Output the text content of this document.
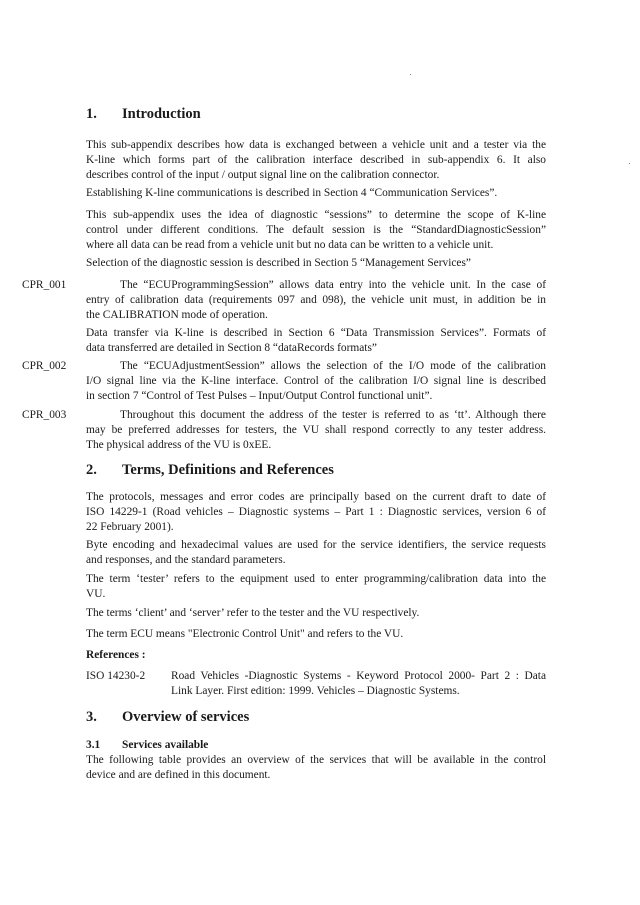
1. Introduction
This sub-appendix describes how data is exchanged between a vehicle unit and a tester via the
K-line which forms part of the calibration interface described in sub-appendix 6. It also
describes control of the input / output signal line on the calibration connector.
Establishing K-line communications is described in Section 4 “Communication Services”.
This sub-appendix uses the idea of diagnostic “sessions” to determine the scope of K-line
control under different conditions. The default session is the “StandardDiagnosticSession”
where all data can be read from a vehicle unit but no data can be written to a vehicle unit.
Selection of the diagnostic session is described in Section 5 “Management Services”
CPR_001	The “ECUProgrammingSession” allows data entry into the vehicle unit. In the case of
entry of calibration data (requirements 097 and 098), the vehicle unit must, in addition be in
the CALIBRATION mode of operation.
Data transfer via K-line is described in Section 6 “Data Transmission Services”. Formats of
data transferred are detailed in Section 8 “dataRecords formats”
CPR_002	The “ECUAdjustmentSession” allows the selection of the I/O mode of the calibration
I/O signal line via the K-line interface. Control of the calibration I/O signal line is described
in section 7 “Control of Test Pulses – Input/Output Control functional unit”.
CPR_003	Throughout this document the address of the tester is referred to as ‘tt’. Although there
may be preferred addresses for testers, the VU shall respond correctly to any tester address.
The physical address of the VU is 0xEE.
2. Terms, Definitions and References
The protocols, messages and error codes are principally based on the current draft to date of
ISO 14229-1 (Road vehicles – Diagnostic systems – Part 1 : Diagnostic services, version 6 of
22 February 2001).
Byte encoding and hexadecimal values are used for the service identifiers, the service requests
and responses, and the standard parameters.
The term ‘tester’ refers to the equipment used to enter programming/calibration data into the
VU.
The terms ‘client’ and ‘server’ refer to the tester and the VU respectively.
The term ECU means "Electronic Control Unit" and refers to the VU.
References :
ISO 14230-2 Road Vehicles -Diagnostic Systems - Keyword Protocol 2000- Part 2 : Data
Link Layer. First edition: 1999. Vehicles – Diagnostic Systems.
3. Overview of services
3.1 Services available
The following table provides an overview of the services that will be available in the control
device and are defined in this document.
